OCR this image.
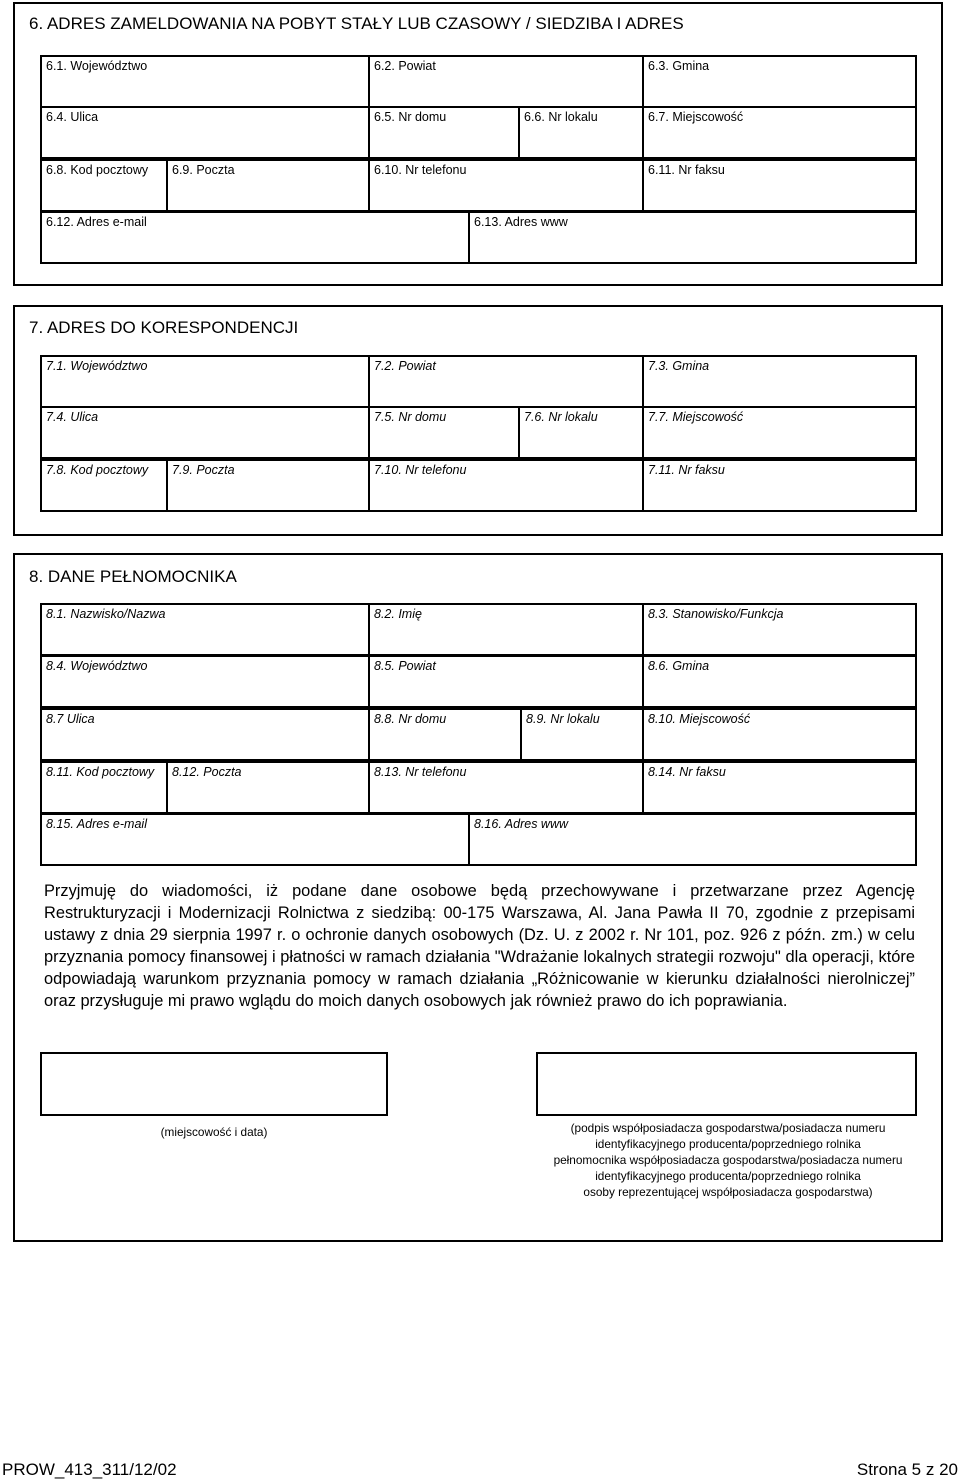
6. ADRES ZAMELDOWANIA NA POBYT STAŁY LUB CZASOWY / SIEDZIBA I ADRES
6.1. Województwo	6.2. Powiat	6.3. Gmina
6.4. Ulica	6.5. Nr domu	6.6. Nr lokalu	6.7. Miejscowość
6.8. Kod pocztowy 6.9. Poczta	6.10. Nr telefonu	6.11. Nr faksu
6.12. Adres e-mail	6.13. Adres www
7. ADRES DO KORESPONDENCJI
7.1. Województwo	7.2. Powiat	7.3. Gmina
7.4. Ulica	7.5. Nr domu	7.6. Nr lokalu	7.7. Miejscowość
7.8. Kod pocztowy 7.9. Poczta	7.10. Nr telefonu	7.11. Nr faksu
8. DANE PEŁNOMOCNIKA
8.1. Nazwisko/Nazwa	8.2. Imię	8.3. Stanowisko/Funkcja
8.4. Województwo	8.5. Powiat	8.6. Gmina
8.7 Ulica	8.8. Nr domu	8.9. Nr lokalu	8.10. Miejscowość
8.11. Kod pocztowy 8.12. Poczta	8.13. Nr telefonu	8.14. Nr faksu
8.15. Adres e-mail	8.16. Adres www
Przyjmuję do wiadomości, iż podane dane osobowe będą przechowywane i przetwarzane przez Agencję Restrukturyzacji i Modernizacji Rolnictwa z siedzibą: 00-175 Warszawa, Al. Jana Pawła II 70, zgodnie z przepisami ustawy z dnia 29 sierpnia 1997 r. o ochronie danych osobowych (Dz. U. z 2002 r. Nr 101, poz. 926 z późn. zm.) w celu przyznania pomocy finansowej i płatności w ramach działania "Wdrażanie lokalnych strategii rozwoju" dla operacji, które odpowiadają warunkom przyznania pomocy w ramach działania „Różnicowanie w kierunku działalności nierolniczej” oraz przysługuje mi prawo wglądu do moich danych osobowych jak również prawo do ich poprawiania.
(miejscowość i data)	(podpis współposiadacza gospodarstwa/posiadacza numeru
identyfikacyjnego producenta/poprzedniego rolnika
pełnomocnika współposiadacza gospodarstwa/posiadacza numeru
identyfikacyjnego producenta/poprzedniego rolnika
osoby reprezentującej współposiadacza gospodarstwa)
PROW_413_311/12/02	Strona 5 z 20
